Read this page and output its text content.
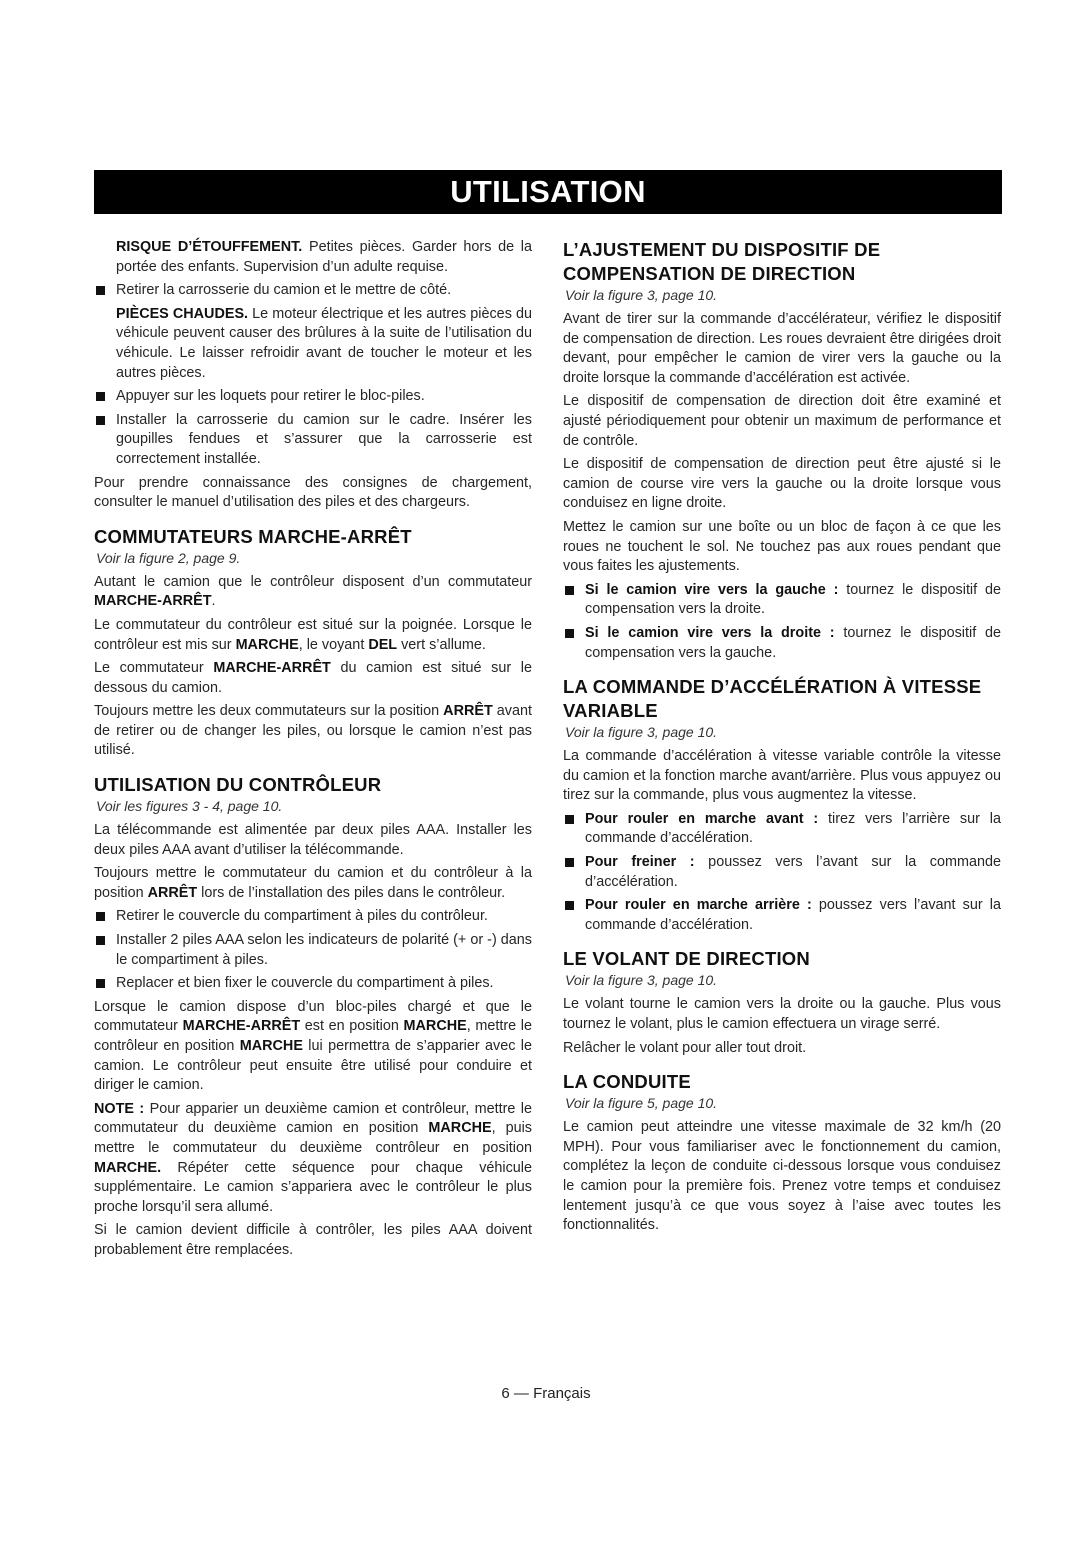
UTILISATION

RISQUE D’ÉTOUFFEMENT. Petites pièces. Garder hors de la portée des enfants. Supervision d’un adulte requise.

Retirer la carrosserie du camion et le mettre de côté.

PIÈCES CHAUDES. Le moteur électrique et les autres pièces du véhicule peuvent causer des brûlures à la suite de l’utilisation du véhicule. Le laisser refroidir avant de toucher le moteur et les autres pièces.

Appuyer sur les loquets pour retirer le bloc-piles.
Installer la carrosserie du camion sur le cadre. Insérer les goupilles fendues et s’assurer que la carrosserie est correctement installée.

Pour prendre connaissance des consignes de chargement, consulter le manuel d’utilisation des piles et des chargeurs.

COMMUTATEURS MARCHE-ARRÊT
Voir la figure 2, page 9.

Autant le camion que le contrôleur disposent d’un commutateur MARCHE-ARRÊT.

Le commutateur du contrôleur est situé sur la poignée. Lorsque le contrôleur est mis sur MARCHE, le voyant DEL vert s’allume.

Le commutateur MARCHE-ARRÊT du camion est situé sur le dessous du camion.

Toujours mettre les deux commutateurs sur la position ARRÊT avant de retirer ou de changer les piles, ou lorsque le camion n’est pas utilisé.

UTILISATION DU CONTRÔLEUR
Voir les figures 3 - 4, page 10.

La télécommande est alimentée par deux piles AAA. Installer les deux piles AAA avant d’utiliser la télécommande.

Toujours mettre le commutateur du camion et du contrôleur à la position ARRÊT lors de l’installation des piles dans le contrôleur.

Retirer le couvercle du compartiment à piles du contrôleur.
Installer 2 piles AAA selon les indicateurs de polarité (+ or -) dans le compartiment à piles.
Replacer et bien fixer le couvercle du compartiment à piles.

Lorsque le camion dispose d’un bloc-piles chargé et que le commutateur MARCHE-ARRÊT est en position MARCHE, mettre le contrôleur en position MARCHE lui permettra de s’apparier avec le camion. Le contrôleur peut ensuite être utilisé pour conduire et diriger le camion.

NOTE : Pour apparier un deuxième camion et contrôleur, mettre le commutateur du deuxième camion en position MARCHE, puis mettre le commutateur du deuxième contrôleur en position MARCHE. Répéter cette séquence pour chaque véhicule supplémentaire. Le camion s’appariera avec le contrôleur le plus proche lorsqu’il sera allumé.

Si le camion devient difficile à contrôler, les piles AAA doivent probablement être remplacées.

L’AJUSTEMENT DU DISPOSITIF DE COMPENSATION DE DIRECTION
Voir la figure 3, page 10.

Avant de tirer sur la commande d’accélérateur, vérifiez le dispositif de compensation de direction. Les roues devraient être dirigées droit devant, pour empêcher le camion de virer vers la gauche ou la droite lorsque la commande d’accélération est activée.

Le dispositif de compensation de direction doit être examiné et ajusté périodiquement pour obtenir un maximum de performance et de contrôle.

Le dispositif de compensation de direction peut être ajusté si le camion de course vire vers la gauche ou la droite lorsque vous conduisez en ligne droite.

Mettez le camion sur une boîte ou un bloc de façon à ce que les roues ne touchent le sol. Ne touchez pas aux roues pendant que vous faites les ajustements.

Si le camion vire vers la gauche : tournez le dispositif de compensation vers la droite.
Si le camion vire vers la droite : tournez le dispositif de compensation vers la gauche.
LA COMMANDE D’ACCÉLÉRATION À VITESSE VARIABLE
Voir la figure 3, page 10.

La commande d’accélération à vitesse variable contrôle la vitesse du camion et la fonction marche avant/arrière. Plus vous appuyez ou tirez sur la commande, plus vous augmentez la vitesse.

Pour rouler en marche avant : tirez vers l’arrière sur la commande d’accélération.
Pour freiner : poussez vers l’avant sur la commande d’accélération.
Pour rouler en marche arrière : poussez vers l’avant sur la commande d’accélération.
LE VOLANT DE DIRECTION
Voir la figure 3, page 10.

Le volant tourne le camion vers la droite ou la gauche. Plus vous tournez le volant, plus le camion effectuera un virage serré.

Relâcher le volant pour aller tout droit.

LA CONDUITE
Voir la figure 5, page 10.

Le camion peut atteindre une vitesse maximale de 32 km/h (20 MPH). Pour vous familiariser avec le fonctionnement du camion, complétez la leçon de conduite ci-dessous lorsque vous conduisez le camion pour la première fois. Prenez votre temps et conduisez lentement jusqu’à ce que vous soyez à l’aise avec toutes les fonctionnalités.

6 — Français
